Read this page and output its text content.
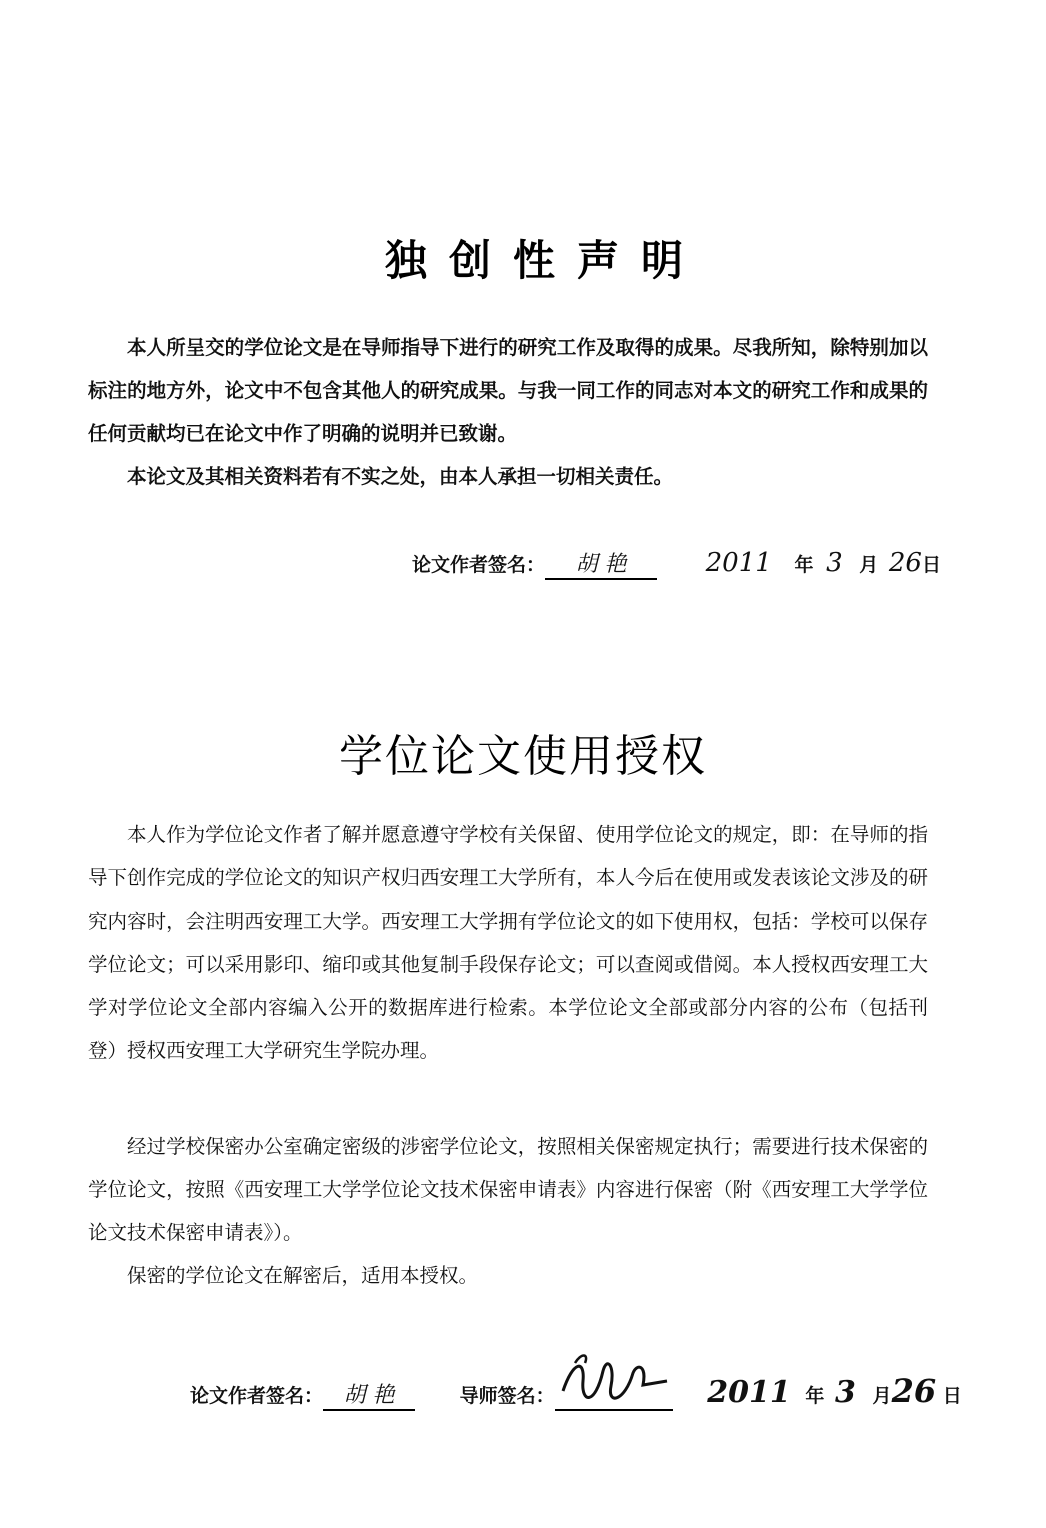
独创性声明

本人所呈交的学位论文是在导师指导下进行的研究工作及取得的成果。尽我所知，除特别加以标注的地方外，论文中不包含其他人的研究成果。与我一同工作的同志对本文的研究工作和成果的任何贡献均已在论文中作了明确的说明并已致谢。

本论文及其相关资料若有不实之处，由本人承担一切相关责任。

论文作者签名： 胡 艳	2011 年 3 月 26日
学位论文使用授权

本人作为学位论文作者了解并愿意遵守学校有关保留、使用学位论文的规定，即：在导师的指导下创作完成的学位论文的知识产权归西安理工大学所有，本人今后在使用或发表该论文涉及的研究内容时，会注明西安理工大学。西安理工大学拥有学位论文的如下使用权，包括：学校可以保存学位论文；可以采用影印、缩印或其他复制手段保存论文；可以查阅或借阅。本人授权西安理工大学对学位论文全部内容编入公开的数据库进行检索。本学位论文全部或部分内容的公布（包括刊登）授权西安理工大学研究生学院办理。

经过学校保密办公室确定密级的涉密学位论文，按照相关保密规定执行；需要进行技术保密的学位论文，按照《西安理工大学学位论文技术保密申请表》内容进行保密（附《西安理工大学学位论文技术保密申请表》）。

保密的学位论文在解密后，适用本授权。

论文作者签名： 胡 艳	导师签名：	2011 年 3 月26 日
